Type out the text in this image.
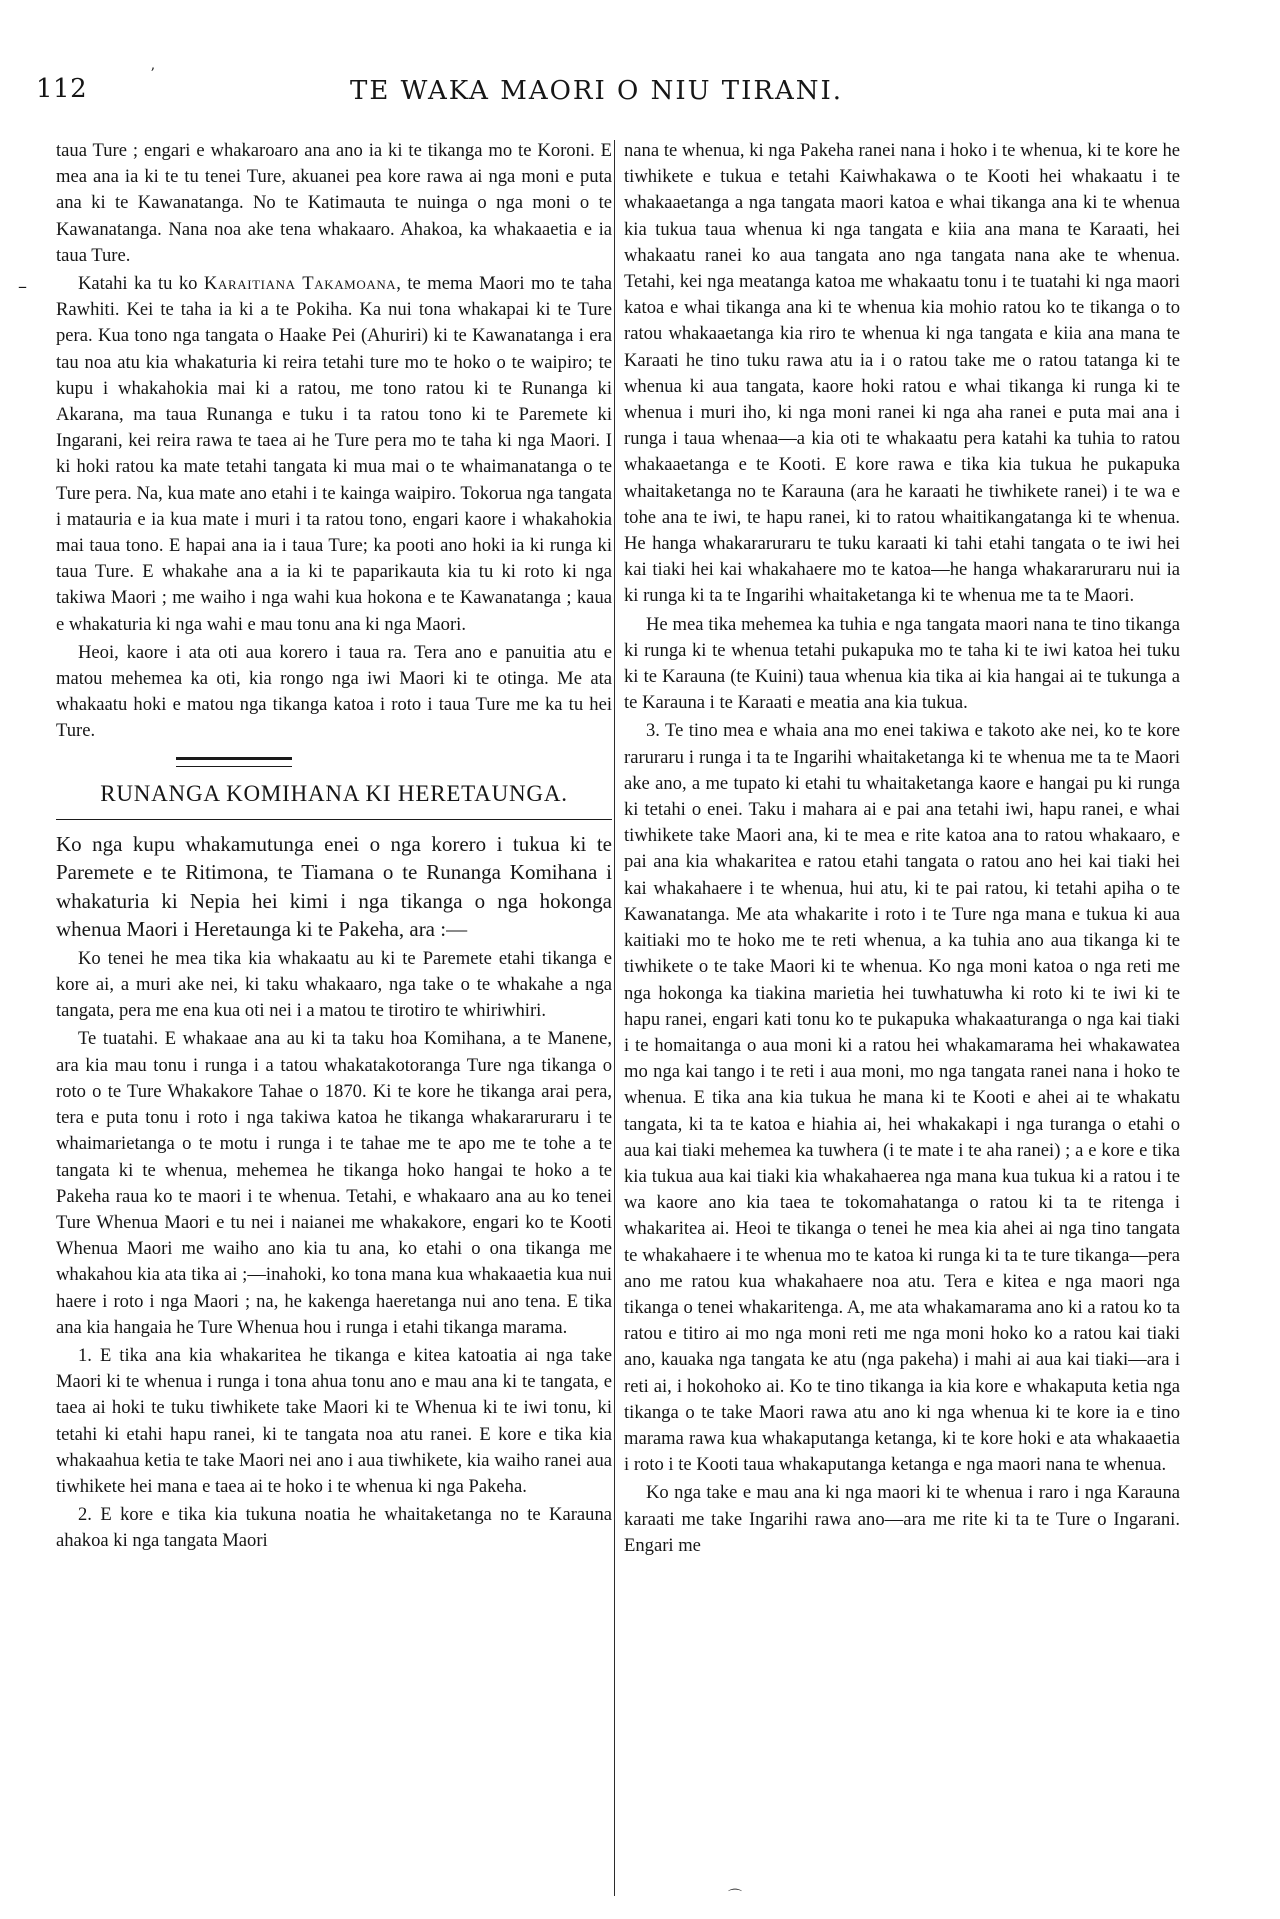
112	ʼ
TE WAKA MAORI O NIU TIRANI.
–

taua Ture ; engari e whakaroaro ana ano ia ki te tikanga mo te Koroni. E mea ana ia ki te tu tenei Ture, akuanei pea kore rawa ai nga moni e puta ana ki te Kawanatanga. No te Katimauta te nuinga o nga moni o te Kawanatanga. Nana noa ake tena whakaaro. Ahakoa, ka whakaaetia e ia taua Ture.

Katahi ka tu ko Karaitiana Takamoana, te mema Maori mo te taha Rawhiti. Kei te taha ia ki a te Pokiha. Ka nui tona whakapai ki te Ture pera. Kua tono nga tangata o Haake Pei (Ahuriri) ki te Kawanatanga i era tau noa atu kia whakaturia ki reira tetahi ture mo te hoko o te waipiro; te kupu i whakahokia mai ki a ratou, me tono ratou ki te Runanga ki Akarana, ma taua Runanga e tuku i ta ratou tono ki te Paremete ki Ingarani, kei reira rawa te taea ai he Ture pera mo te taha ki nga Maori. I ki hoki ratou ka mate tetahi tangata ki mua mai o te whaimanatanga o te Ture pera. Na, kua mate ano etahi i te kainga waipiro. Tokorua nga tangata i matauria e ia kua mate i muri i ta ratou tono, engari kaore i whakahokia mai taua tono. E hapai ana ia i taua Ture; ka pooti ano hoki ia ki runga ki taua Ture. E whakahe ana a ia ki te paparikauta kia tu ki roto ki nga takiwa Maori ; me waiho i nga wahi kua hokona e te Kawanatanga ; kaua e whakaturia ki nga wahi e mau tonu ana ki nga Maori.

Heoi, kaore i ata oti aua korero i taua ra. Tera ano e panuitia atu e matou mehemea ka oti, kia rongo nga iwi Maori ki te otinga. Me ata whakaatu hoki e matou nga tikanga katoa i roto i taua Ture me ka tu hei Ture.

RUNANGA KOMIHANA KI HERETAUNGA.

Ko nga kupu whakamutunga enei o nga korero i tukua ki te Paremete e te Ritimona, te Tiamana o te Runanga Komihana i whakaturia ki Nepia hei kimi i nga tikanga o nga hokonga whenua Maori i Heretaunga ki te Pakeha, ara :—

Ko tenei he mea tika kia whakaatu au ki te Paremete etahi tikanga e kore ai, a muri ake nei, ki taku whakaaro, nga take o te whakahe a nga tangata, pera me ena kua oti nei i a matou te tirotiro te whiriwhiri.

Te tuatahi. E whakaae ana au ki ta taku hoa Komihana, a te Manene, ara kia mau tonu i runga i a tatou whakatakotoranga Ture nga tikanga o roto o te Ture Whakakore Tahae o 1870. Ki te kore he tikanga arai pera, tera e puta tonu i roto i nga takiwa katoa he tikanga whakararuraru i te whaimarietanga o te motu i runga i te tahae me te apo me te tohe a te tangata ki te whenua, mehemea he tikanga hoko hangai te hoko a te Pakeha raua ko te maori i te whenua. Tetahi, e whakaaro ana au ko tenei Ture Whenua Maori e tu nei i naianei me whakakore, engari ko te Kooti Whenua Maori me waiho ano kia tu ana, ko etahi o ona tikanga me whakahou kia ata tika ai ;—inahoki, ko tona mana kua whakaaetia kua nui haere i roto i nga Maori ; na, he kakenga haeretanga nui ano tena. E tika ana kia hangaia he Ture Whenua hou i runga i etahi tikanga marama.

1. E tika ana kia whakaritea he tikanga e kitea katoatia ai nga take Maori ki te whenua i runga i tona ahua tonu ano e mau ana ki te tangata, e taea ai hoki te tuku tiwhikete take Maori ki te Whenua ki te iwi tonu, ki tetahi ki etahi hapu ranei, ki te tangata noa atu ranei. E kore e tika kia whakaahua ketia te take Maori nei ano i aua tiwhikete, kia waiho ranei aua tiwhikete hei mana e taea ai te hoko i te whenua ki nga Pakeha.

2. E kore e tika kia tukuna noatia he whaitaketanga no te Karauna ahakoa ki nga tangata Maori

nana te whenua, ki nga Pakeha ranei nana i hoko i te whenua, ki te kore he tiwhikete e tukua e tetahi Kaiwhakawa o te Kooti hei whakaatu i te whakaaetanga a nga tangata maori katoa e whai tikanga ana ki te whenua kia tukua taua whenua ki nga tangata e kiia ana mana te Karaati, hei whakaatu ranei ko aua tangata ano nga tangata nana ake te whenua. Tetahi, kei nga meatanga katoa me whakaatu tonu i te tuatahi ki nga maori katoa e whai tikanga ana ki te whenua kia mohio ratou ko te tikanga o to ratou whakaaetanga kia riro te whenua ki nga tangata e kiia ana mana te Karaati he tino tuku rawa atu ia i o ratou take me o ratou tatanga ki te whenua ki aua tangata, kaore hoki ratou e whai tikanga ki runga ki te whenua i muri iho, ki nga moni ranei ki nga aha ranei e puta mai ana i runga i taua whenaa—a kia oti te whakaatu pera katahi ka tuhia to ratou whakaaetanga e te Kooti. E kore rawa e tika kia tukua he pukapuka whaitaketanga no te Karauna (ara he karaati he tiwhikete ranei) i te wa e tohe ana te iwi, te hapu ranei, ki to ratou whaitikangatanga ki te whenua. He hanga whakararuraru te tuku karaati ki tahi etahi tangata o te iwi hei kai tiaki hei kai whakahaere mo te katoa—he hanga whakararuraru nui ia ki runga ki ta te Ingarihi whaitaketanga ki te whenua me ta te Maori.

He mea tika mehemea ka tuhia e nga tangata maori nana te tino tikanga ki runga ki te whenua tetahi pukapuka mo te taha ki te iwi katoa hei tuku ki te Karauna (te Kuini) taua whenua kia tika ai kia hangai ai te tukunga a te Karauna i te Karaati e meatia ana kia tukua.

3. Te tino mea e whaia ana mo enei takiwa e takoto ake nei, ko te kore raruraru i runga i ta te Ingarihi whaitaketanga ki te whenua me ta te Maori ake ano, a me tupato ki etahi tu whaitaketanga kaore e hangai pu ki runga ki tetahi o enei. Taku i mahara ai e pai ana tetahi iwi, hapu ranei, e whai tiwhikete take Maori ana, ki te mea e rite katoa ana to ratou whakaaro, e pai ana kia whakaritea e ratou etahi tangata o ratou ano hei kai tiaki hei kai whakahaere i te whenua, hui atu, ki te pai ratou, ki tetahi apiha o te Kawanatanga. Me ata whakarite i roto i te Ture nga mana e tukua ki aua kaitiaki mo te hoko me te reti whenua, a ka tuhia ano aua tikanga ki te tiwhikete o te take Maori ki te whenua. Ko nga moni katoa o nga reti me nga hokonga ka tiakina marietia hei tuwhatuwha ki roto ki te iwi ki te hapu ranei, engari kati tonu ko te pukapuka whakaaturanga o nga kai tiaki i te homaitanga o aua moni ki a ratou hei whakamarama hei whakawatea mo nga kai tango i te reti i aua moni, mo nga tangata ranei nana i hoko te whenua. E tika ana kia tukua he mana ki te Kooti e ahei ai te whakatu tangata, ki ta te katoa e hiahia ai, hei whakakapi i nga turanga o etahi o aua kai tiaki mehemea ka tuwhera (i te mate i te aha ranei) ; a e kore e tika kia tukua aua kai tiaki kia whakahaerea nga mana kua tukua ki a ratou i te wa kaore ano kia taea te tokomahatanga o ratou ki ta te ritenga i whakaritea ai. Heoi te tikanga o tenei he mea kia ahei ai nga tino tangata te whakahaere i te whenua mo te katoa ki runga ki ta te ture tikanga—pera ano me ratou kua whakahaere noa atu. Tera e kitea e nga maori nga tikanga o tenei whakaritenga. A, me ata whakamarama ano ki a ratou ko ta ratou e titiro ai mo nga moni reti me nga moni hoko ko a ratou kai tiaki ano, kauaka nga tangata ke atu (nga pakeha) i mahi ai aua kai tiaki—ara i reti ai, i hokohoko ai. Ko te tino tikanga ia kia kore e whakaputa ketia nga tikanga o te take Maori rawa atu ano ki nga whenua ki te kore ia e tino marama rawa kua whakaputanga ketanga, ki te kore hoki e ata whakaaetia i roto i te Kooti taua whakaputanga ketanga e nga maori nana te whenua.

Ko nga take e mau ana ki nga maori ki te whenua i raro i nga Karauna karaati me take Ingarihi rawa ano—ara me rite ki ta te Ture o Ingarani. Engari me

⌒
